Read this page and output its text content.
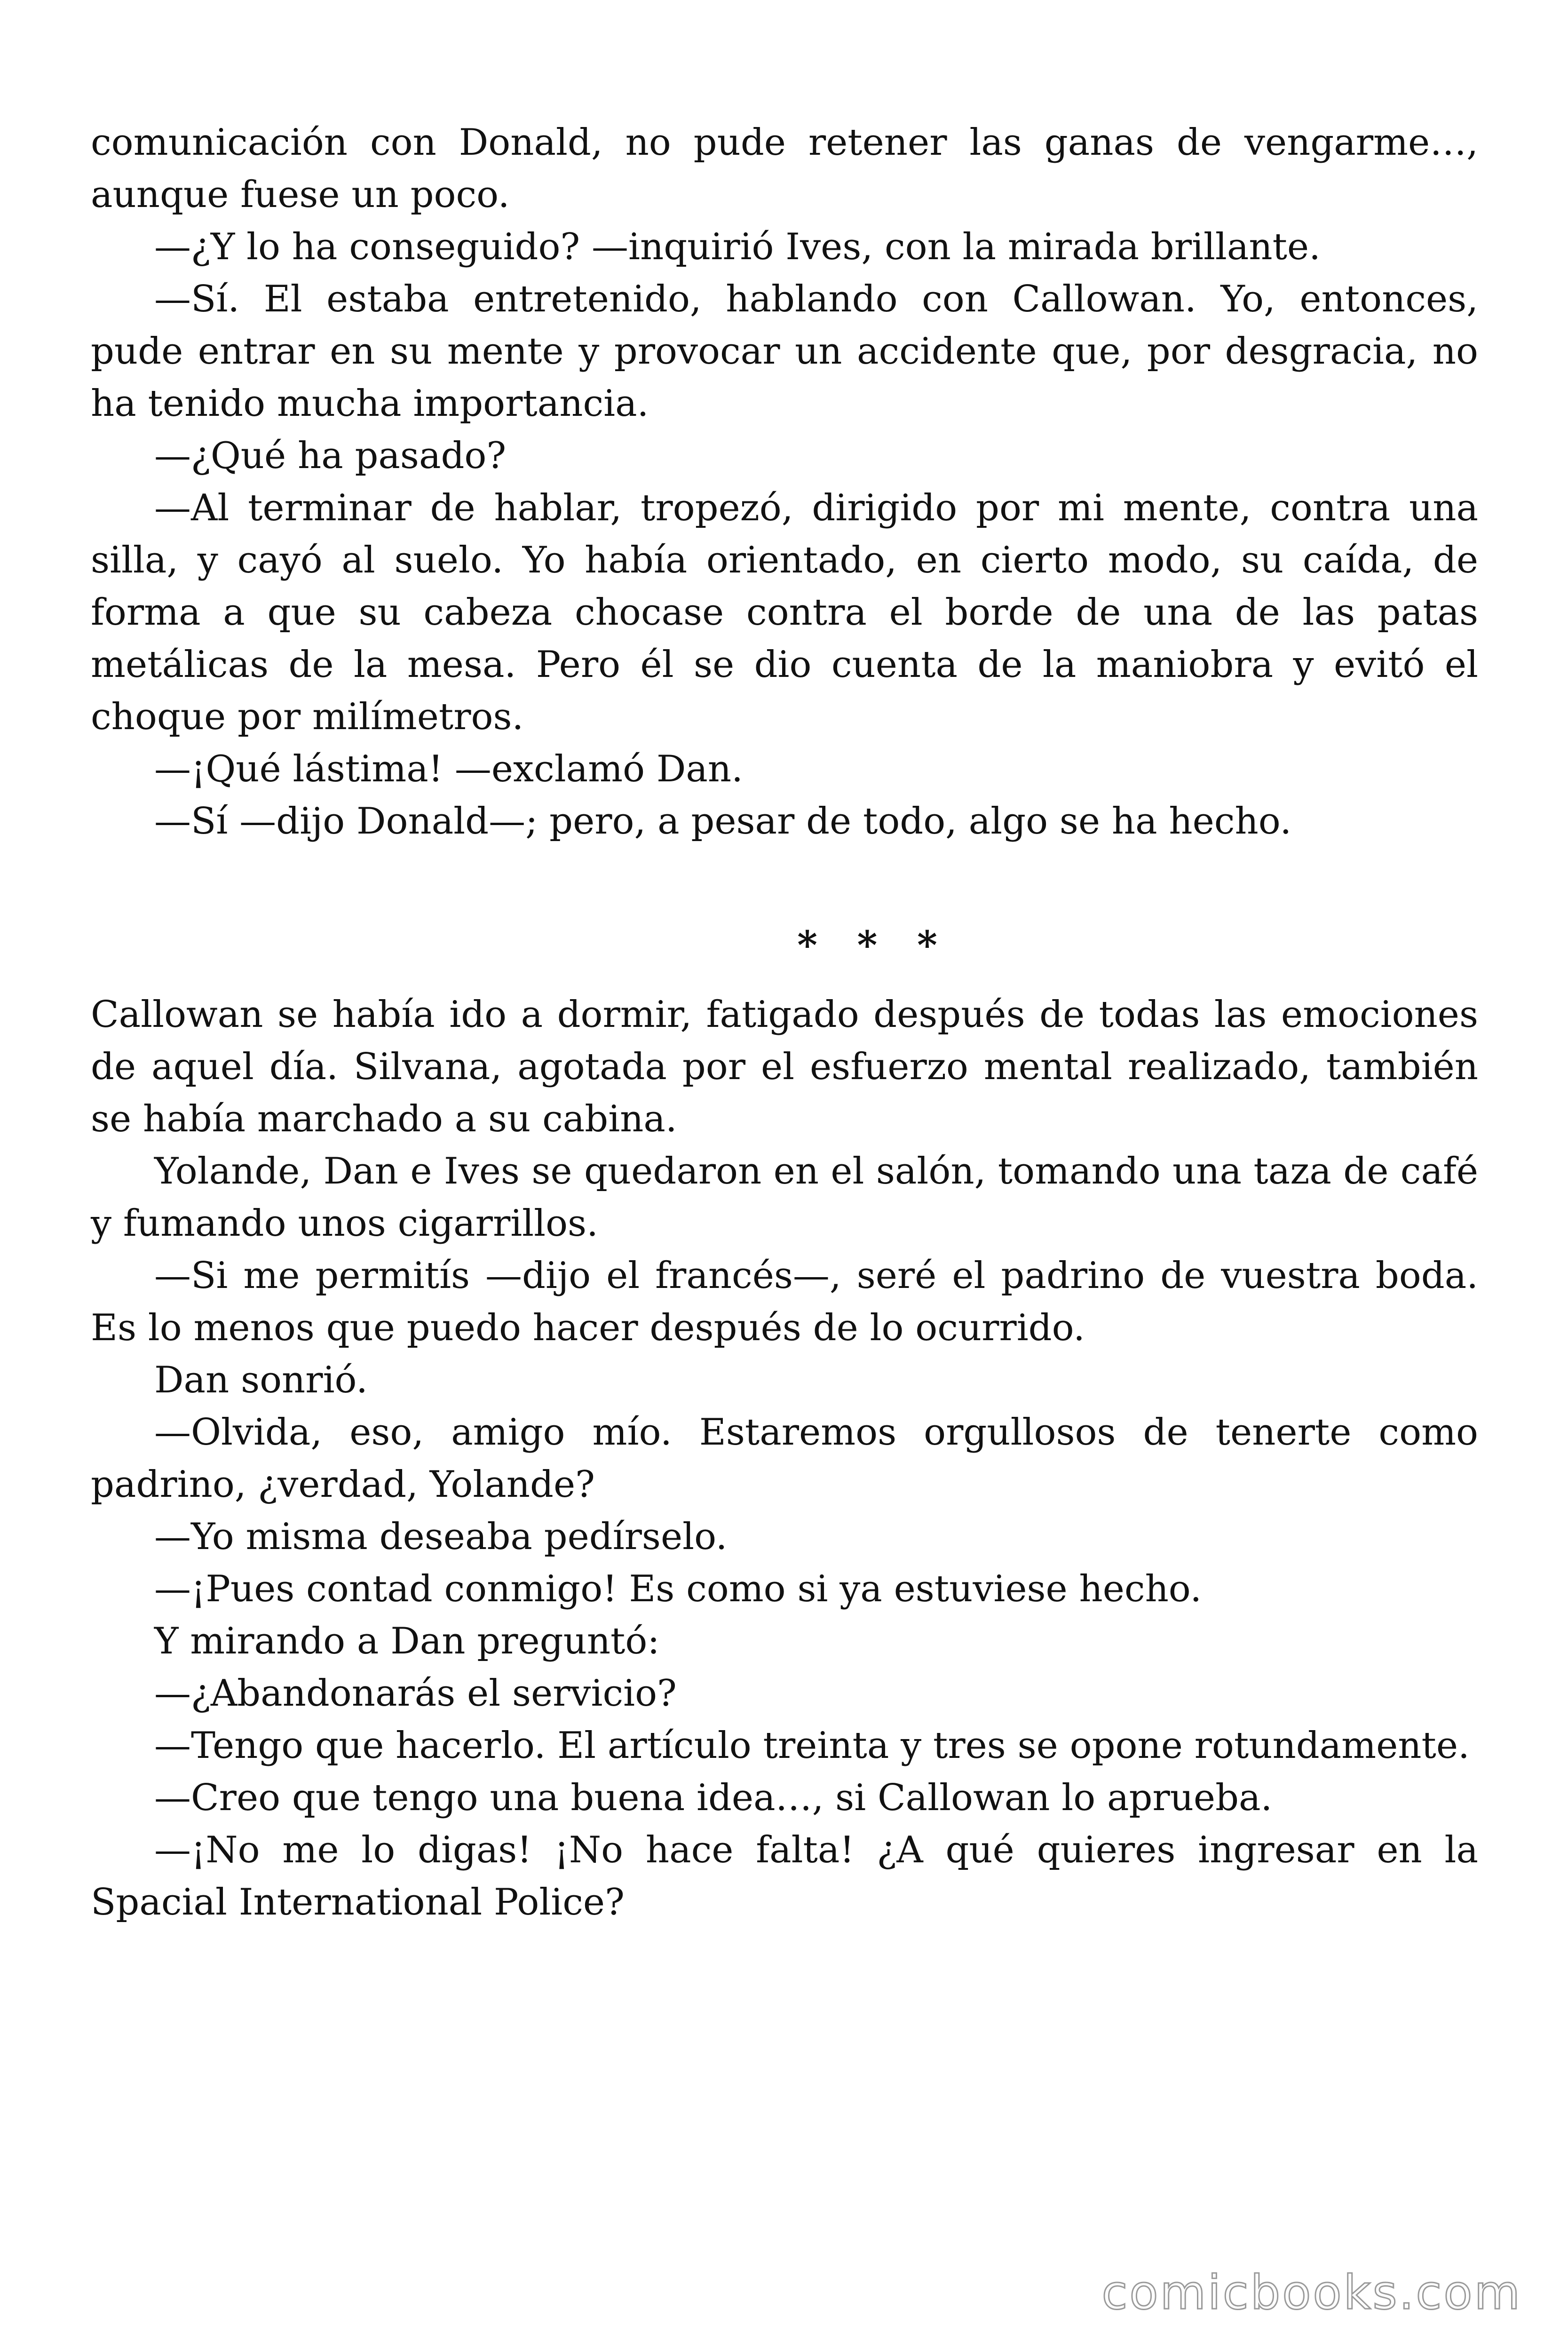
comunicación con Donald, no pude retener las ganas de vengarme…, aunque fuese un poco.

—¿Y lo ha conseguido? —inquirió Ives, con la mirada brillante.

—Sí. El estaba entretenido, hablando con Callowan. Yo, entonces, pude entrar en su mente y provocar un accidente que, por desgracia, no ha tenido mucha importancia.

—¿Qué ha pasado?

—Al terminar de hablar, tropezó, dirigido por mi mente, contra una silla, y cayó al suelo. Yo había orientado, en cierto modo, su caída, de forma a que su cabeza chocase contra el borde de una de las patas metálicas de la mesa. Pero él se dio cuenta de la maniobra y evitó el choque por milímetros.

—¡Qué lástima! —exclamó Dan.

—Sí —dijo Donald—; pero, a pesar de todo, algo se ha hecho.

* * *

Callowan se había ido a dormir, fatigado después de todas las emociones de aquel día. Silvana, agotada por el esfuerzo mental realizado, también se había marchado a su cabina.

Yolande, Dan e Ives se quedaron en el salón, tomando una taza de café y fumando unos cigarrillos.

—Si me permitís —dijo el francés—, seré el padrino de vuestra boda. Es lo menos que puedo hacer después de lo ocurrido.

Dan sonrió.

—Olvida, eso, amigo mío. Estaremos orgullosos de tenerte como padrino, ¿verdad, Yolande?

—Yo misma deseaba pedírselo.

—¡Pues contad conmigo! Es como si ya estuviese hecho.

Y mirando a Dan preguntó:

—¿Abandonarás el servicio?

—Tengo que hacerlo. El artículo treinta y tres se opone rotundamente.

—Creo que tengo una buena idea…, si Callowan lo aprueba.

—¡No me lo digas! ¡No hace falta! ¿A qué quieres ingresar en la Spacial International Police?

comicbooks.com
